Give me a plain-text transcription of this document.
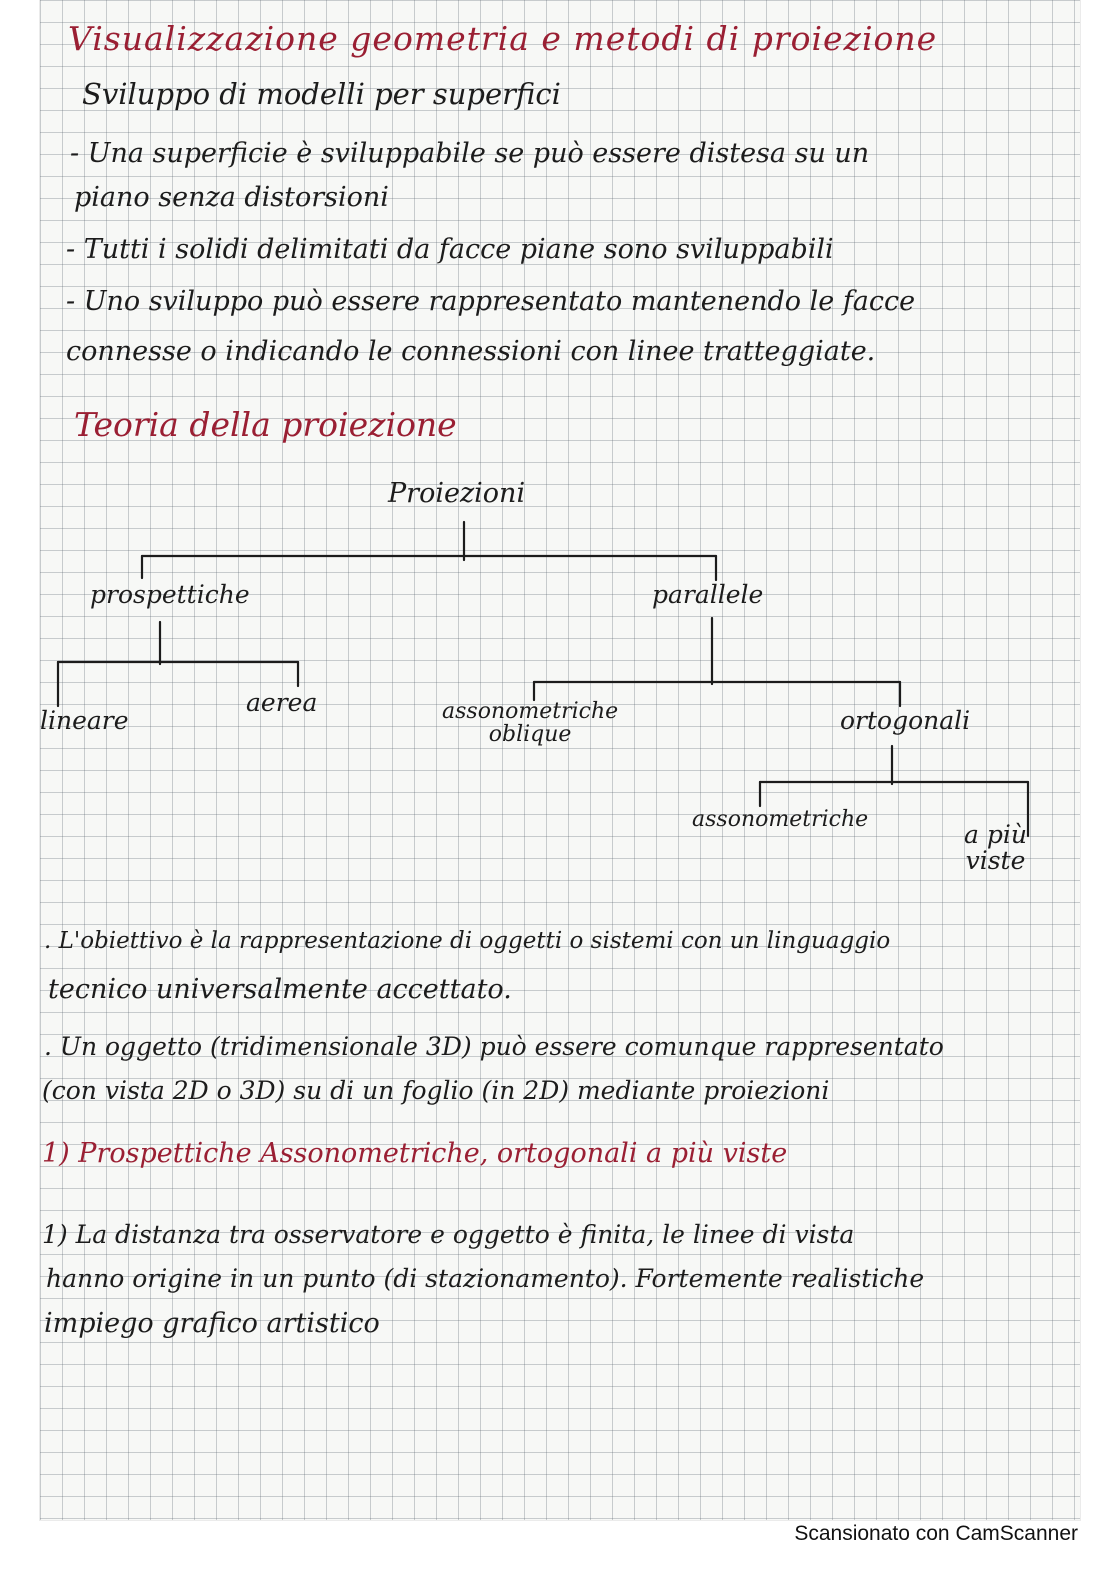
Visualizzazione geometria e metodi di proiezione
Sviluppo di modelli per superfici
- Una superficie è sviluppabile se può essere distesa su un
piano senza distorsioni
- Tutti i solidi delimitati da facce piane sono sviluppabili
- Uno sviluppo può essere rappresentato mantenendo le facce
connesse o indicando le connessioni con linee tratteggiate.
Teoria della proiezione
Proiezioni
prospettiche	parallele
lineare
aerea	assonometriche
oblique	ortogonali
assonometriche
a più
viste
. L'obiettivo è la rappresentazione di oggetti o sistemi con un linguaggio
tecnico universalmente accettato.
. Un oggetto (tridimensionale 3D) può essere comunque rappresentato
(con vista 2D o 3D) su di un foglio (in 2D) mediante proiezioni
1) Prospettiche Assonometriche, ortogonali a più viste
1) La distanza tra osservatore e oggetto è finita, le linee di vista
hanno origine in un punto (di stazionamento). Fortemente realistiche
impiego grafico artistico
Scansionato con CamScanner
